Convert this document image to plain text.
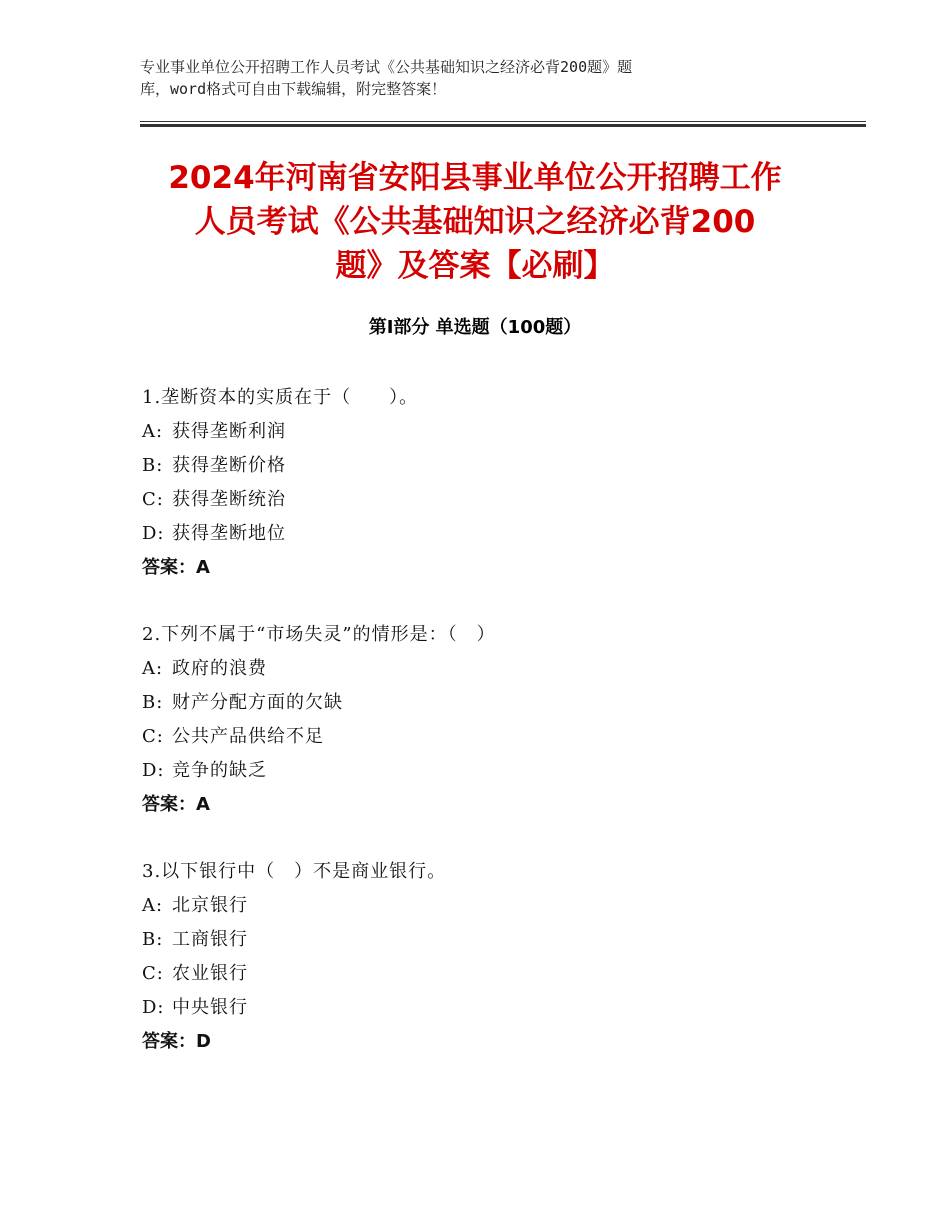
专业事业单位公开招聘工作人员考试《公共基础知识之经济必背200题》题
库，word格式可自由下载编辑，附完整答案！
2024年河南省安阳县事业单位公开招聘工作
人员考试《公共基础知识之经济必背200
题》及答案【必刷】
第Ⅰ部分 单选题（100题）
1.垄断资本的实质在于（　　）。
A: 获得垄断利润
B: 获得垄断价格
C: 获得垄断统治
D: 获得垄断地位
答案：A
2.下列不属于“市场失灵”的情形是：（　）
A: 政府的浪费
B: 财产分配方面的欠缺
C: 公共产品供给不足
D: 竞争的缺乏
答案：A
3.以下银行中（　）不是商业银行。
A: 北京银行
B: 工商银行
C: 农业银行
D: 中央银行
答案：D
